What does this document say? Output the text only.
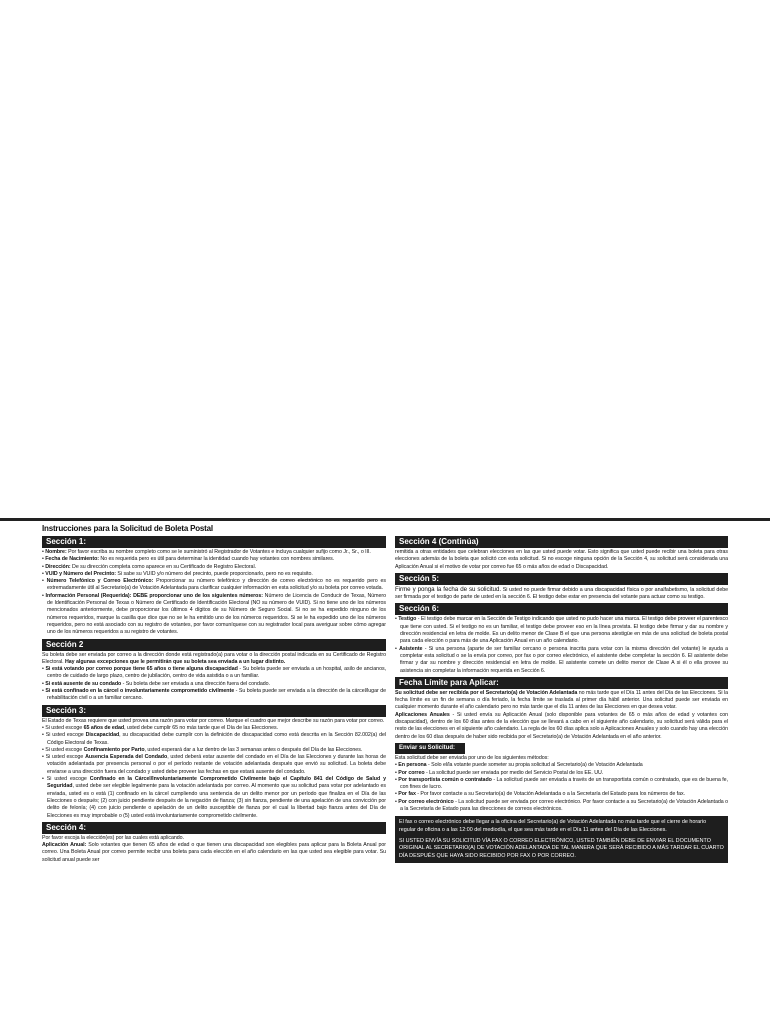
Instrucciones para la Solicitud de Boleta Postal
Sección 1:
• Nombre: Por favor escriba su nombre completo como se le suministró al Registrador de Votantes e incluya cualquier sufijo como Jr., Sr., o III.
• Fecha de Nacimiento: No es requerida pero es útil para determinar la identidad cuando hay votantes con nombres similares.
• Dirección: De su dirección completa como aparece en su Certificado de Registro Electoral.
• VUID y Número del Precinto: Si sabe su VUID y/o número del precinto, puede proporcionarlo, pero no es requisito.
• Número Telefónico y Correo Electrónico: Proporcionar su número telefónico y dirección de correo electrónico no es requerido pero es extremadamente útil al Secretario(a) de Votación Adelantada para clarificar cualquier información en esta solicitud y/o su boleta por correo votada.
• Información Personal (Requerida): DEBE proporcionar uno de los siguientes números: Número de Licencia de Conducir de Texas, Número de Identificación Personal de Texas o Número de Certificado de Identificación Electoral (NO su número de VUID). Si no tiene uno de los números mencionados anteriormente, debe proporcionar los últimos 4 dígitos de su Número de Seguro Social. Si no se ha expedido ninguno de los números requeridos, marque la casilla que dice que no se le ha emitido uno de los números requeridos. Si se le ha expedido uno de los números requeridos, pero no está asociado con su registro de votantes, por favor comuníquese con su registrador local para averiguar sobre cómo agregar uno de los números requeridos a su registro de votantes.
Sección 2
Su boleta debe ser enviada por correo a la dirección donde está registrado(a) para votar o la dirección postal indicada en su Certificado de Registro Electoral. Hay algunas excepciones que le permitirán que su boleta sea enviada a un lugar distinto.
• Si está votando por correo porque tiene 65 años o tiene alguna discapacidad - Su boleta puede ser enviada a un hospital, asilo de ancianos, centro de cuidado de largo plazo, centro de jubilación, centro de vida asistida o a un familiar.
• Si está ausente de su condado - Su boleta debe ser enviada a una dirección fuera del condado.
• Si está confinado en la cárcel o involuntariamente comprometido civilmente - Su boleta puede ser enviada a la dirección de la cárcel/lugar de rehabilitación civil o a un familiar cercano.
Sección 3:
El Estado de Texas requiere que usted provea una razón para votar por correo. Marque el cuadro que mejor describe su razón para votar por correo.
• Si usted escoge 65 años de edad, usted debe cumplir 65 no más tarde que el Día de las Elecciones.
• Si usted escoge Discapacidad, su discapacidad debe cumplir con la definición de discapacidad como está descrita en la Sección 82.002(a) del Código Electoral de Texas.
• Si usted escoge Confinamiento por Parto, usted esperará dar a luz dentro de las 3 semanas antes o después del Día de las Elecciones.
• Si usted escoge Ausencia Esperada del Condado, usted deberá estar ausente del condado en el Día de las Elecciones y durante las horas de votación adelantada por presencia personal o por el período restante de votación adelantada después que envió su solicitud. La boleta debe enviarse a una dirección fuera del condado y usted debe proveer las fechas en que estará ausente del condado.
• Si usted escoge Confinado en la Cárcel/Involuntariamente Comprometido Civilmente bajo el Capítulo 841 del Código de Salud y Seguridad, usted debe ser elegible legalmente para la votación adelantada por correo. Al momento que su solicitud para votar por adelantado es enviada, usted es o está (1) confinado en la cárcel cumpliendo una sentencia de un delito menor por un período que finaliza en el Día de las Elecciones o después; (2) con juicio pendiente después de la negación de fianza; (3) sin fianza, pendiente de una apelación de una convicción por delito de felonía; (4) con juicio pendiente o apelación de un delito susceptible de fianza por el cual la libertad bajo fianza antes del Día de Elecciones es muy improbable o (5) usted está involuntariamente comprometido civilmente.
Sección 4:
Por favor escoja la elección(es) por las cuales está aplicando.
Aplicación Anual: Solo votantes que tienen 65 años de edad o que tienen una discapacidad son elegibles para aplicar para la Boleta Anual por correo. Una Boleta Anual por correo permite recibir una boleta para cada elección en el año calendario en las que usted sea elegible para votar. Su solicitud anual puede ser
Sección 4 (Continúa)
remitida a otras entidades que celebran elecciones en las que usted puede votar. Esto significa que usted puede recibir una boleta para otras elecciones además de la boleta que solicitó con esta solicitud. Si no escoge ninguna opción de la Sección 4, su solicitud será considerada una Aplicación Anual si el motivo de votar por correo fue 65 o más años de edad o Discapacidad.
Sección 5:
Firme y ponga la fecha de su solicitud. Si usted no puede firmar debido a una discapacidad física o por analfabetismo, la solicitud debe ser firmada por el testigo de parte de usted en la sección 6. El testigo debe estar en presencia del votante para actuar como su testigo.
Sección 6:
• Testigo - El testigo debe marcar en la Sección de Testigo indicando que usted no pudo hacer una marca. El testigo debe proveer el parentesco que tiene con usted. Si el testigo no es un familiar, el testigo debe proveer eso en la línea provista. El testigo debe firmar y dar su nombre y dirección residencial en letra de molde. Es un delito menor de Clase B el que una persona atestigüe en más de una solicitud de boleta postal para cada elección o para más de una Aplicación Anual en un año calendario.
• Asistente - Si una persona (aparte de ser familiar cercano o persona inscrita para votar con la misma dirección del votante) le ayuda a completar esta solicitud o se la envía por correo, por fax o por correo electrónico, el asistente debe completar la sección 6. El asistente debe firmar y dar su nombre y dirección residencial en letra de molde. El asistente comete un delito menor de Clase A si él o ella provee su asistencia sin completar la información requerida en Sección 6.
Fecha Límite para Aplicar:
Su solicitud debe ser recibida por el Secretario(a) de Votación Adelantada no más tarde que el Día 11 antes del Día de las Elecciones. Si la fecha límite es un fin de semana o día feriado, la fecha límite se traslada al primer día hábil anterior. Una solicitud puede ser enviada en cualquier momento durante el año calendario pero no más tarde que el día 11 antes de las Elecciones en que desea votar.
Aplicaciones Anuales - Si usted envía su Aplicación Anual (solo disponible para votantes de 65 o más años de edad y votantes con discapacidad), dentro de los 60 días antes de la elección que se llevará a cabo en el siguiente año calendario, su solicitud será válida para el resto de las elecciones en el siguiente año calendario. La regla de los 60 días aplica solo a Aplicaciones Anuales y solo cuando hay una elección dentro de los 60 días después de haber sido recibida por el Secretario(a) de Votación Adelantada en el año anterior.
Enviar su Solicitud:
Esta solicitud debe ser enviada por uno de los siguientes métodos:
• En persona - Solo el/la votante puede someter su propia solicitud al Secretario(a) de Votación Adelantada
• Por correo - La solicitud puede ser enviada por medio del Servicio Postal de los EE. UU.
• Por transportista común o contratado - La solicitud puede ser enviada a través de un transportista común o contratado, que es de buena fe, con fines de lucro.
• Por fax - Por favor contacte a su Secretario(a) de Votación Adelantada o a la Secretaría del Estado para los números de fax.
• Por correo electrónico - La solicitud puede ser enviada por correo electrónico. Por favor contacte a su Secretario(a) de Votación Adelantada o a la Secretaría de Estado para las direcciones de correos electrónicos.
El fax o correo electrónico debe llegar a la oficina del Secretario(a) de Votación Adelantada no más tarde que el cierre de horario regular de oficina o a las 12:00 del mediodía, el que sea más tarde en el Día 11 antes del Día de las Elecciones.
SI USTED ENVÍA SU SOLICITUD VÍA FAX O CORREO ELECTRÓNICO, USTED TAMBIÉN DEBE DE ENVIAR EL DOCUMENTO ORIGINAL AL SECRETARIO(A) DE VOTACIÓN ADELANTADA DE TAL MANERA QUE SERÁ RECIBIDO A MÁS TARDAR EL CUARTO DÍA DESPUÉS QUE HAYA SIDO RECIBIDO POR FAX O POR CORREO.
